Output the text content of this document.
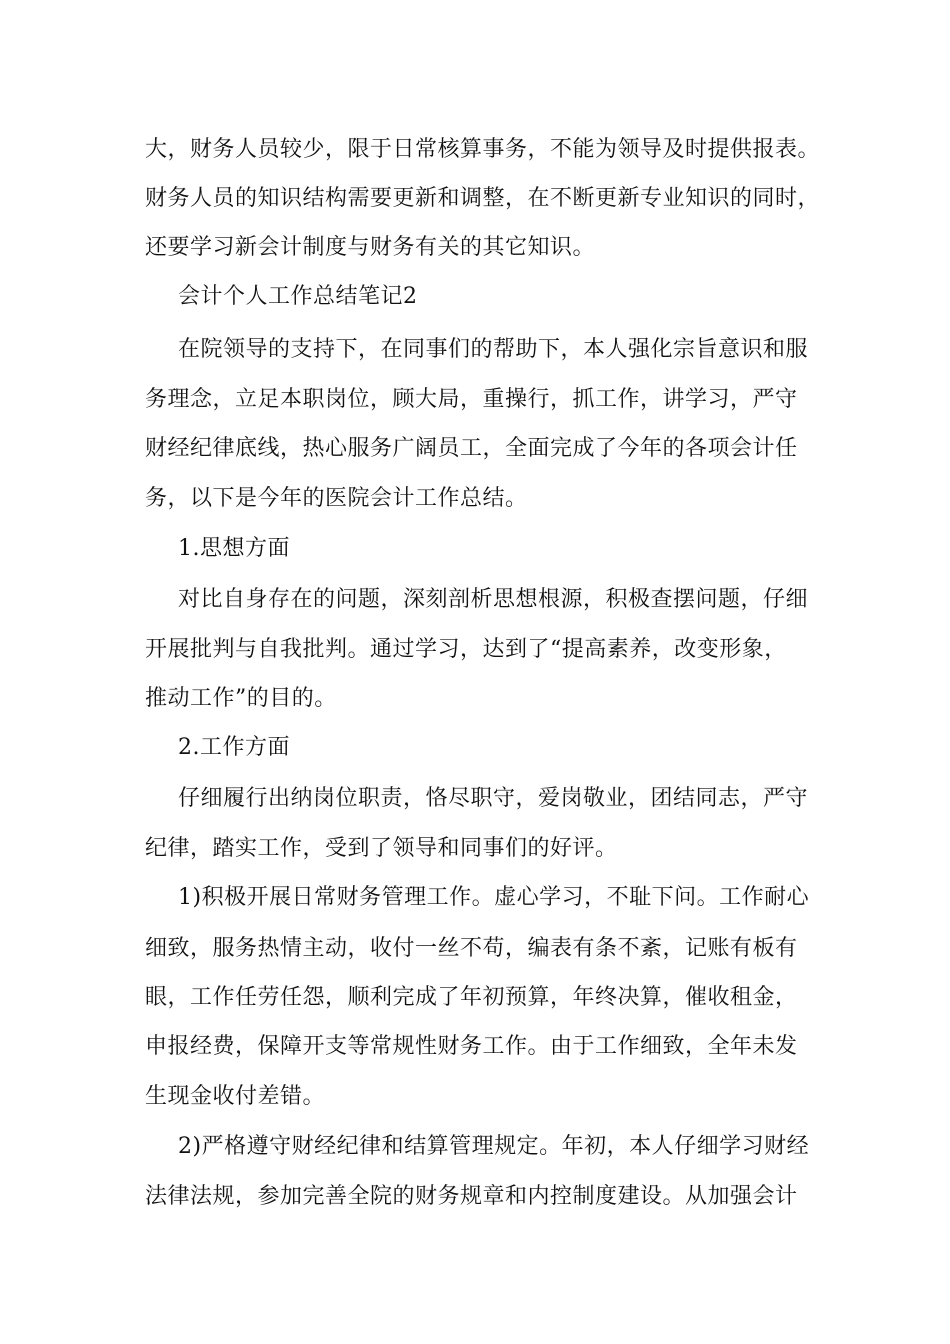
大，财务人员较少，限于日常核算事务，不能为领导及时提供报表。
财务人员的知识结构需要更新和调整，在不断更新专业知识的同时，
还要学习新会计制度与财务有关的其它知识。
会计个人工作总结笔记2
在院领导的支持下，在同事们的帮助下，本人强化宗旨意识和服
务理念，立足本职岗位，顾大局，重操行，抓工作，讲学习，严守
财经纪律底线，热心服务广阔员工，全面完成了今年的各项会计任
务，以下是今年的医院会计工作总结。
1.思想方面
对比自身存在的问题，深刻剖析思想根源，积极查摆问题，仔细
开展批判与自我批判。通过学习，达到了“提高素养，改变形象，
推动工作”的目的。
2.工作方面
仔细履行出纳岗位职责，恪尽职守，爱岗敬业，团结同志，严守
纪律，踏实工作，受到了领导和同事们的好评。
1)积极开展日常财务管理工作。虚心学习，不耻下问。工作耐心
细致，服务热情主动，收付一丝不苟，编表有条不紊，记账有板有
眼，工作任劳任怨，顺利完成了年初预算，年终决算，催收租金，
申报经费，保障开支等常规性财务工作。由于工作细致，全年未发
生现金收付差错。
2)严格遵守财经纪律和结算管理规定。年初，本人仔细学习财经
法律法规，参加完善全院的财务规章和内控制度建设。从加强会计
